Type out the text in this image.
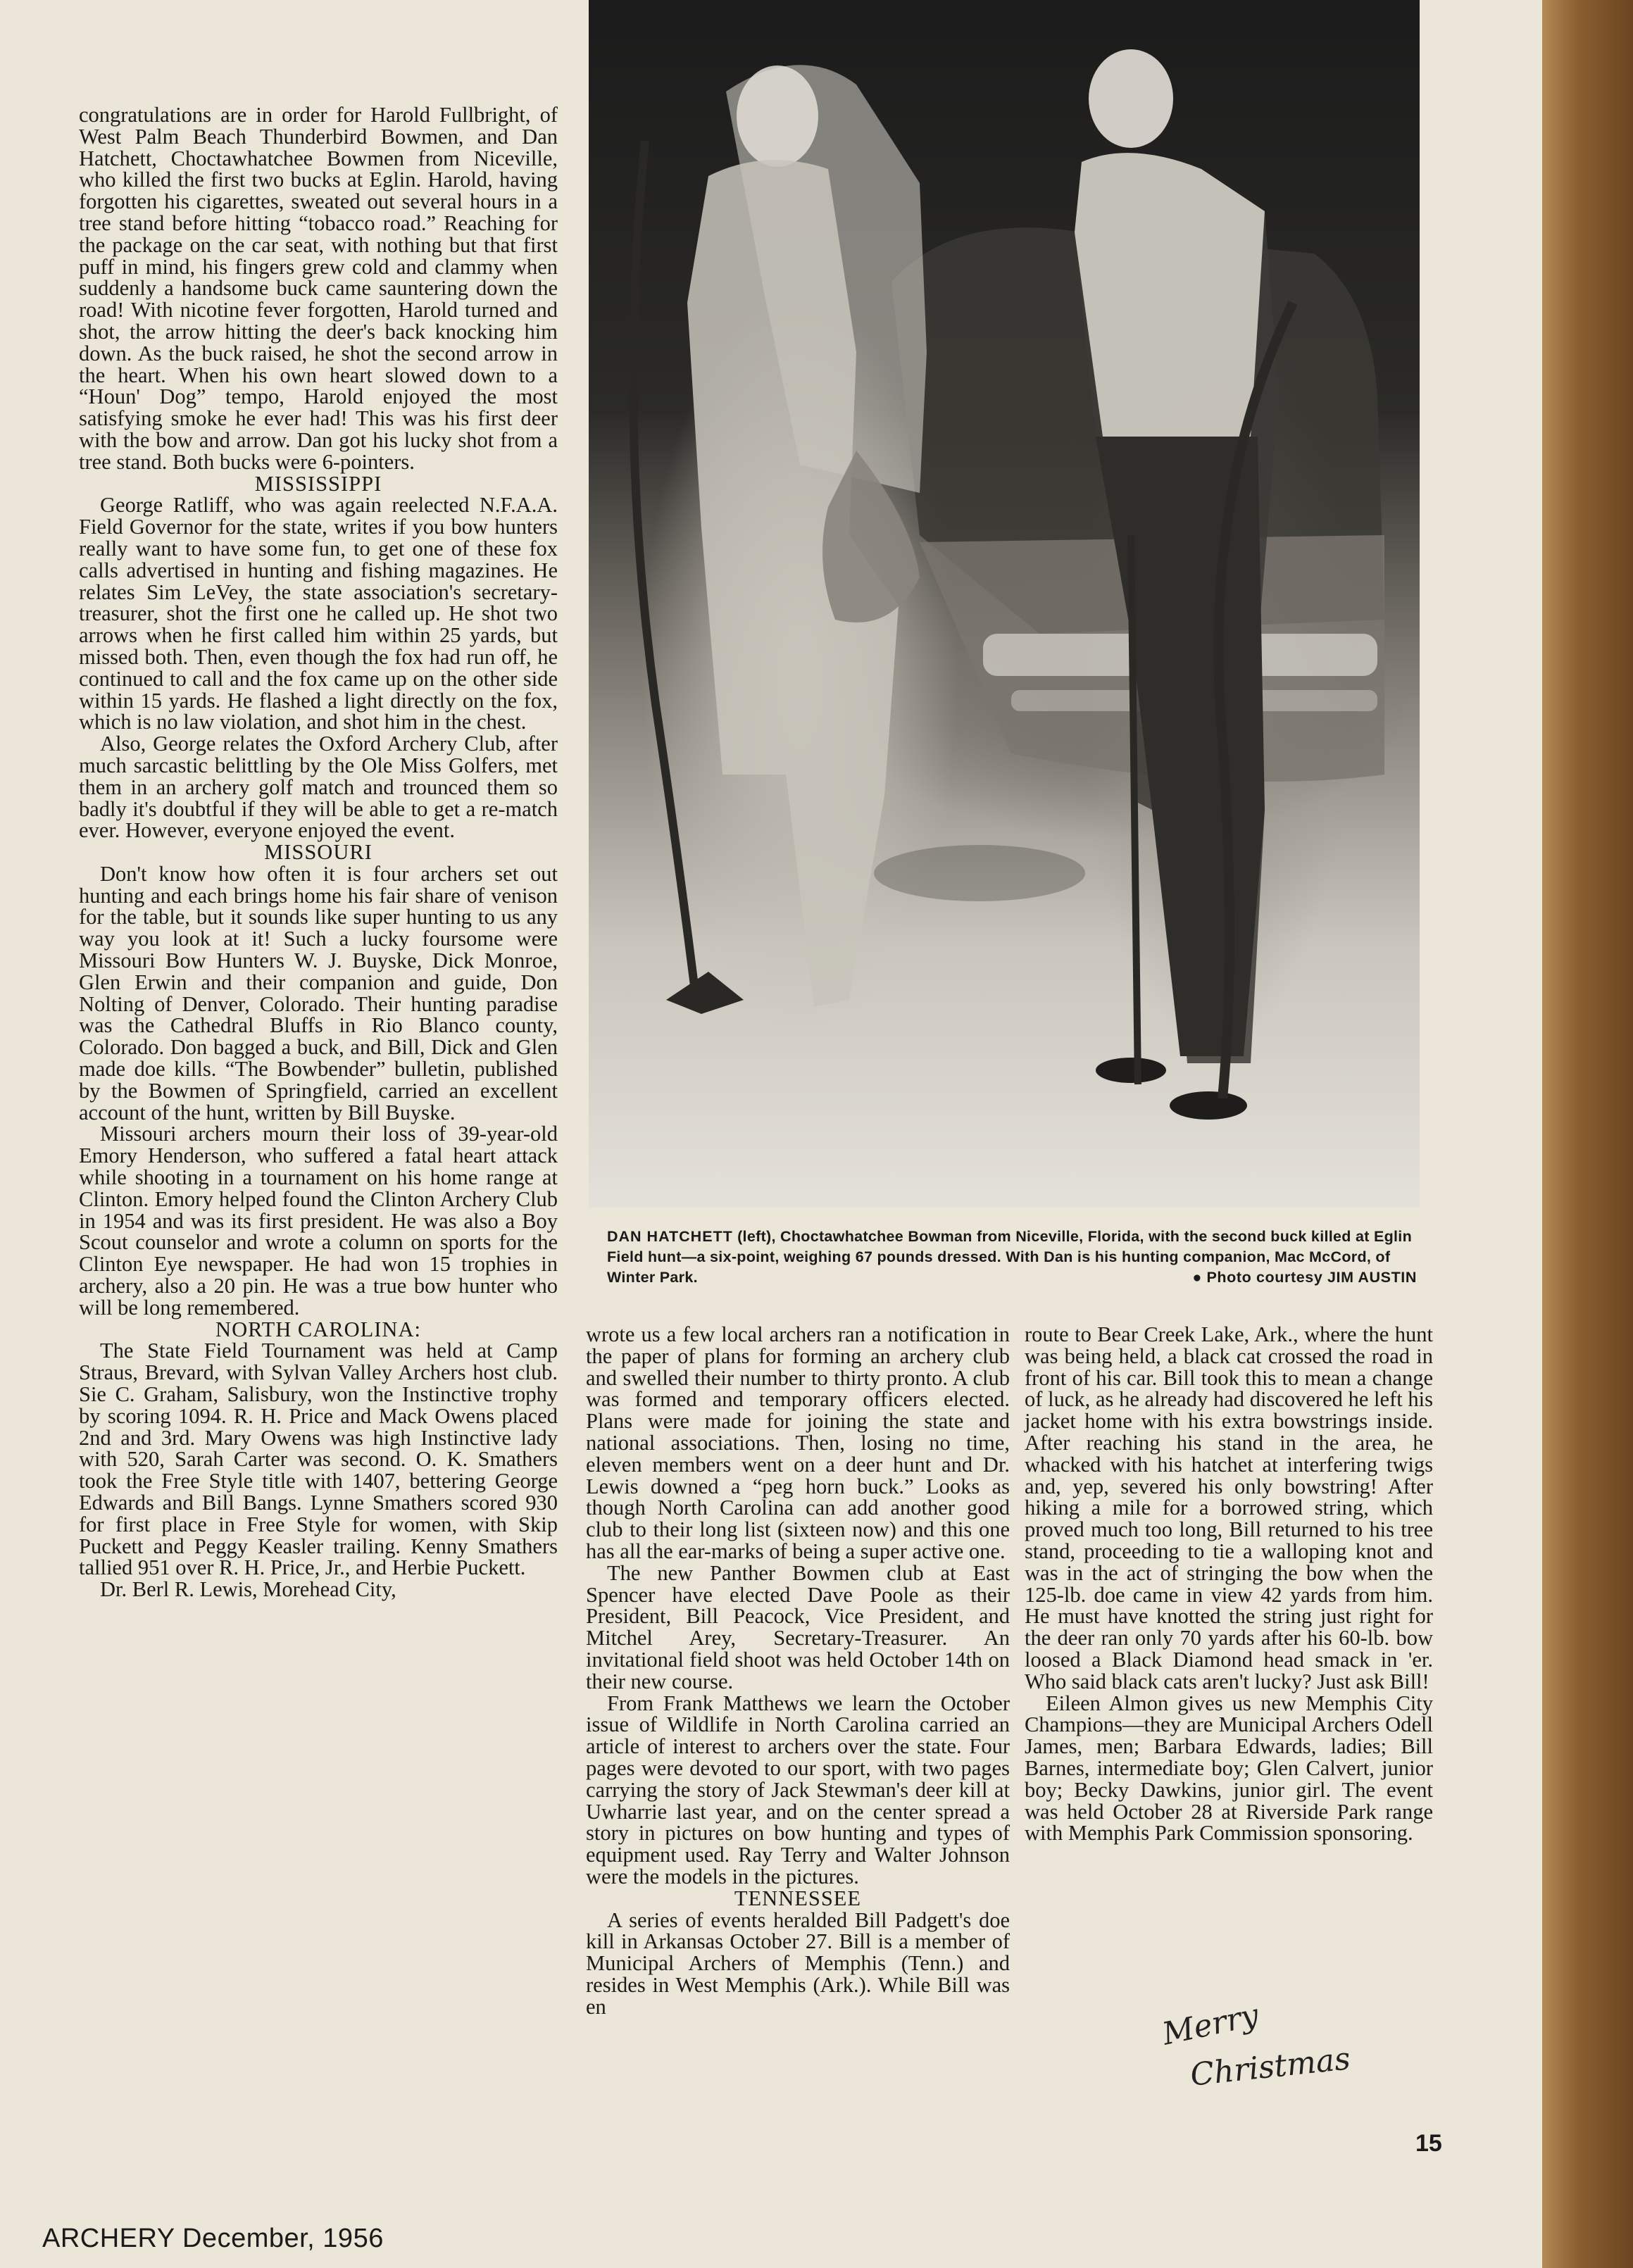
congratulations are in order for Harold Fullbright, of West Palm Beach Thunderbird Bowmen, and Dan Hatchett, Choctawhatchee Bowmen from Niceville, who killed the first two bucks at Eglin. Harold, having forgotten his cigarettes, sweated out several hours in a tree stand before hitting “tobacco road.” Reaching for the package on the car seat, with nothing but that first puff in mind, his fingers grew cold and clammy when suddenly a handsome buck came sauntering down the road! With nicotine fever forgotten, Harold turned and shot, the arrow hitting the deer's back knocking him down. As the buck raised, he shot the second arrow in the heart. When his own heart slowed down to a “Houn' Dog” tempo, Harold enjoyed the most satisfying smoke he ever had! This was his first deer with the bow and arrow. Dan got his lucky shot from a tree stand. Both bucks were 6-pointers.

MISSISSIPPI

George Ratliff, who was again reelected N.F.A.A. Field Governor for the state, writes if you bow hunters really want to have some fun, to get one of these fox calls advertised in hunting and fishing magazines. He relates Sim LeVey, the state association's secretary-treasurer, shot the first one he called up. He shot two arrows when he first called him within 25 yards, but missed both. Then, even though the fox had run off, he continued to call and the fox came up on the other side within 15 yards. He flashed a light directly on the fox, which is no law violation, and shot him in the chest.

Also, George relates the Oxford Archery Club, after much sarcastic belittling by the Ole Miss Golfers, met them in an archery golf match and trounced them so badly it's doubtful if they will be able to get a re-match ever. However, everyone enjoyed the event.

MISSOURI

Don't know how often it is four archers set out hunting and each brings home his fair share of venison for the table, but it sounds like super hunting to us any way you look at it! Such a lucky foursome were Missouri Bow Hunters W. J. Buyske, Dick Monroe, Glen Erwin and their companion and guide, Don Nolting of Denver, Colorado. Their hunting paradise was the Cathedral Bluffs in Rio Blanco county, Colorado. Don bagged a buck, and Bill, Dick and Glen made doe kills. “The Bowbender” bulletin, published by the Bowmen of Springfield, carried an excellent account of the hunt, written by Bill Buyske.

Missouri archers mourn their loss of 39-year-old Emory Henderson, who suffered a fatal heart attack while shooting in a tournament on his home range at Clinton. Emory helped found the Clinton Archery Club in 1954 and was its first president. He was also a Boy Scout counselor and wrote a column on sports for the Clinton Eye newspaper. He had won 15 trophies in archery, also a 20 pin. He was a true bow hunter who will be long remembered.

NORTH CAROLINA:

The State Field Tournament was held at Camp Straus, Brevard, with Sylvan Valley Archers host club. Sie C. Graham, Salisbury, won the Instinctive trophy by scoring 1094. R. H. Price and Mack Owens placed 2nd and 3rd. Mary Owens was high Instinctive lady with 520, Sarah Carter was second. O. K. Smathers took the Free Style title with 1407, bettering George Edwards and Bill Bangs. Lynne Smathers scored 930 for first place in Free Style for women, with Skip Puckett and Peggy Keasler trailing. Kenny Smathers tallied 951 over R. H. Price, Jr., and Herbie Puckett.

Dr. Berl R. Lewis, Morehead City,

DAN HATCHETT (left), Choctawhatchee Bowman from Niceville, Florida, with the second buck killed at Eglin Field hunt—a six-point, weighing 67 pounds dressed. With Dan is his hunting companion, Mac McCord, of Winter Park.	● Photo courtesy JIM AUSTIN

wrote us a few local archers ran a notification in the paper of plans for forming an archery club and swelled their number to thirty pronto. A club was formed and temporary officers elected. Plans were made for joining the state and national associations. Then, losing no time, eleven members went on a deer hunt and Dr. Lewis downed a “peg horn buck.” Looks as though North Carolina can add another good club to their long list (sixteen now) and this one has all the ear-marks of being a super active one.

The new Panther Bowmen club at East Spencer have elected Dave Poole as their President, Bill Peacock, Vice President, and Mitchel Arey, Secretary-Treasurer. An invitational field shoot was held October 14th on their new course.

From Frank Matthews we learn the October issue of Wildlife in North Carolina carried an article of interest to archers over the state. Four pages were devoted to our sport, with two pages carrying the story of Jack Stewman's deer kill at Uwharrie last year, and on the center spread a story in pictures on bow hunting and types of equipment used. Ray Terry and Walter Johnson were the models in the pictures.

TENNESSEE

A series of events heralded Bill Padgett's doe kill in Arkansas October 27. Bill is a member of Municipal Archers of Memphis (Tenn.) and resides in West Memphis (Ark.). While Bill was en

route to Bear Creek Lake, Ark., where the hunt was being held, a black cat crossed the road in front of his car. Bill took this to mean a change of luck, as he already had discovered he left his jacket home with his extra bowstrings inside. After reaching his stand in the area, he whacked with his hatchet at interfering twigs and, yep, severed his only bowstring! After hiking a mile for a borrowed string, which proved much too long, Bill returned to his tree stand, proceeding to tie a walloping knot and was in the act of stringing the bow when the 125-lb. doe came in view 42 yards from him. He must have knotted the string just right for the deer ran only 70 yards after his 60-lb. bow loosed a Black Diamond head smack in 'er. Who said black cats aren't lucky? Just ask Bill!

Eileen Almon gives us new Memphis City Champions—they are Municipal Archers Odell James, men; Barbara Edwards, ladies; Bill Barnes, intermediate boy; Glen Calvert, junior boy; Becky Dawkins, junior girl. The event was held October 28 at Riverside Park range with Memphis Park Commission sponsoring.

Merry
Christmas
15
ARCHERY December, 1956
